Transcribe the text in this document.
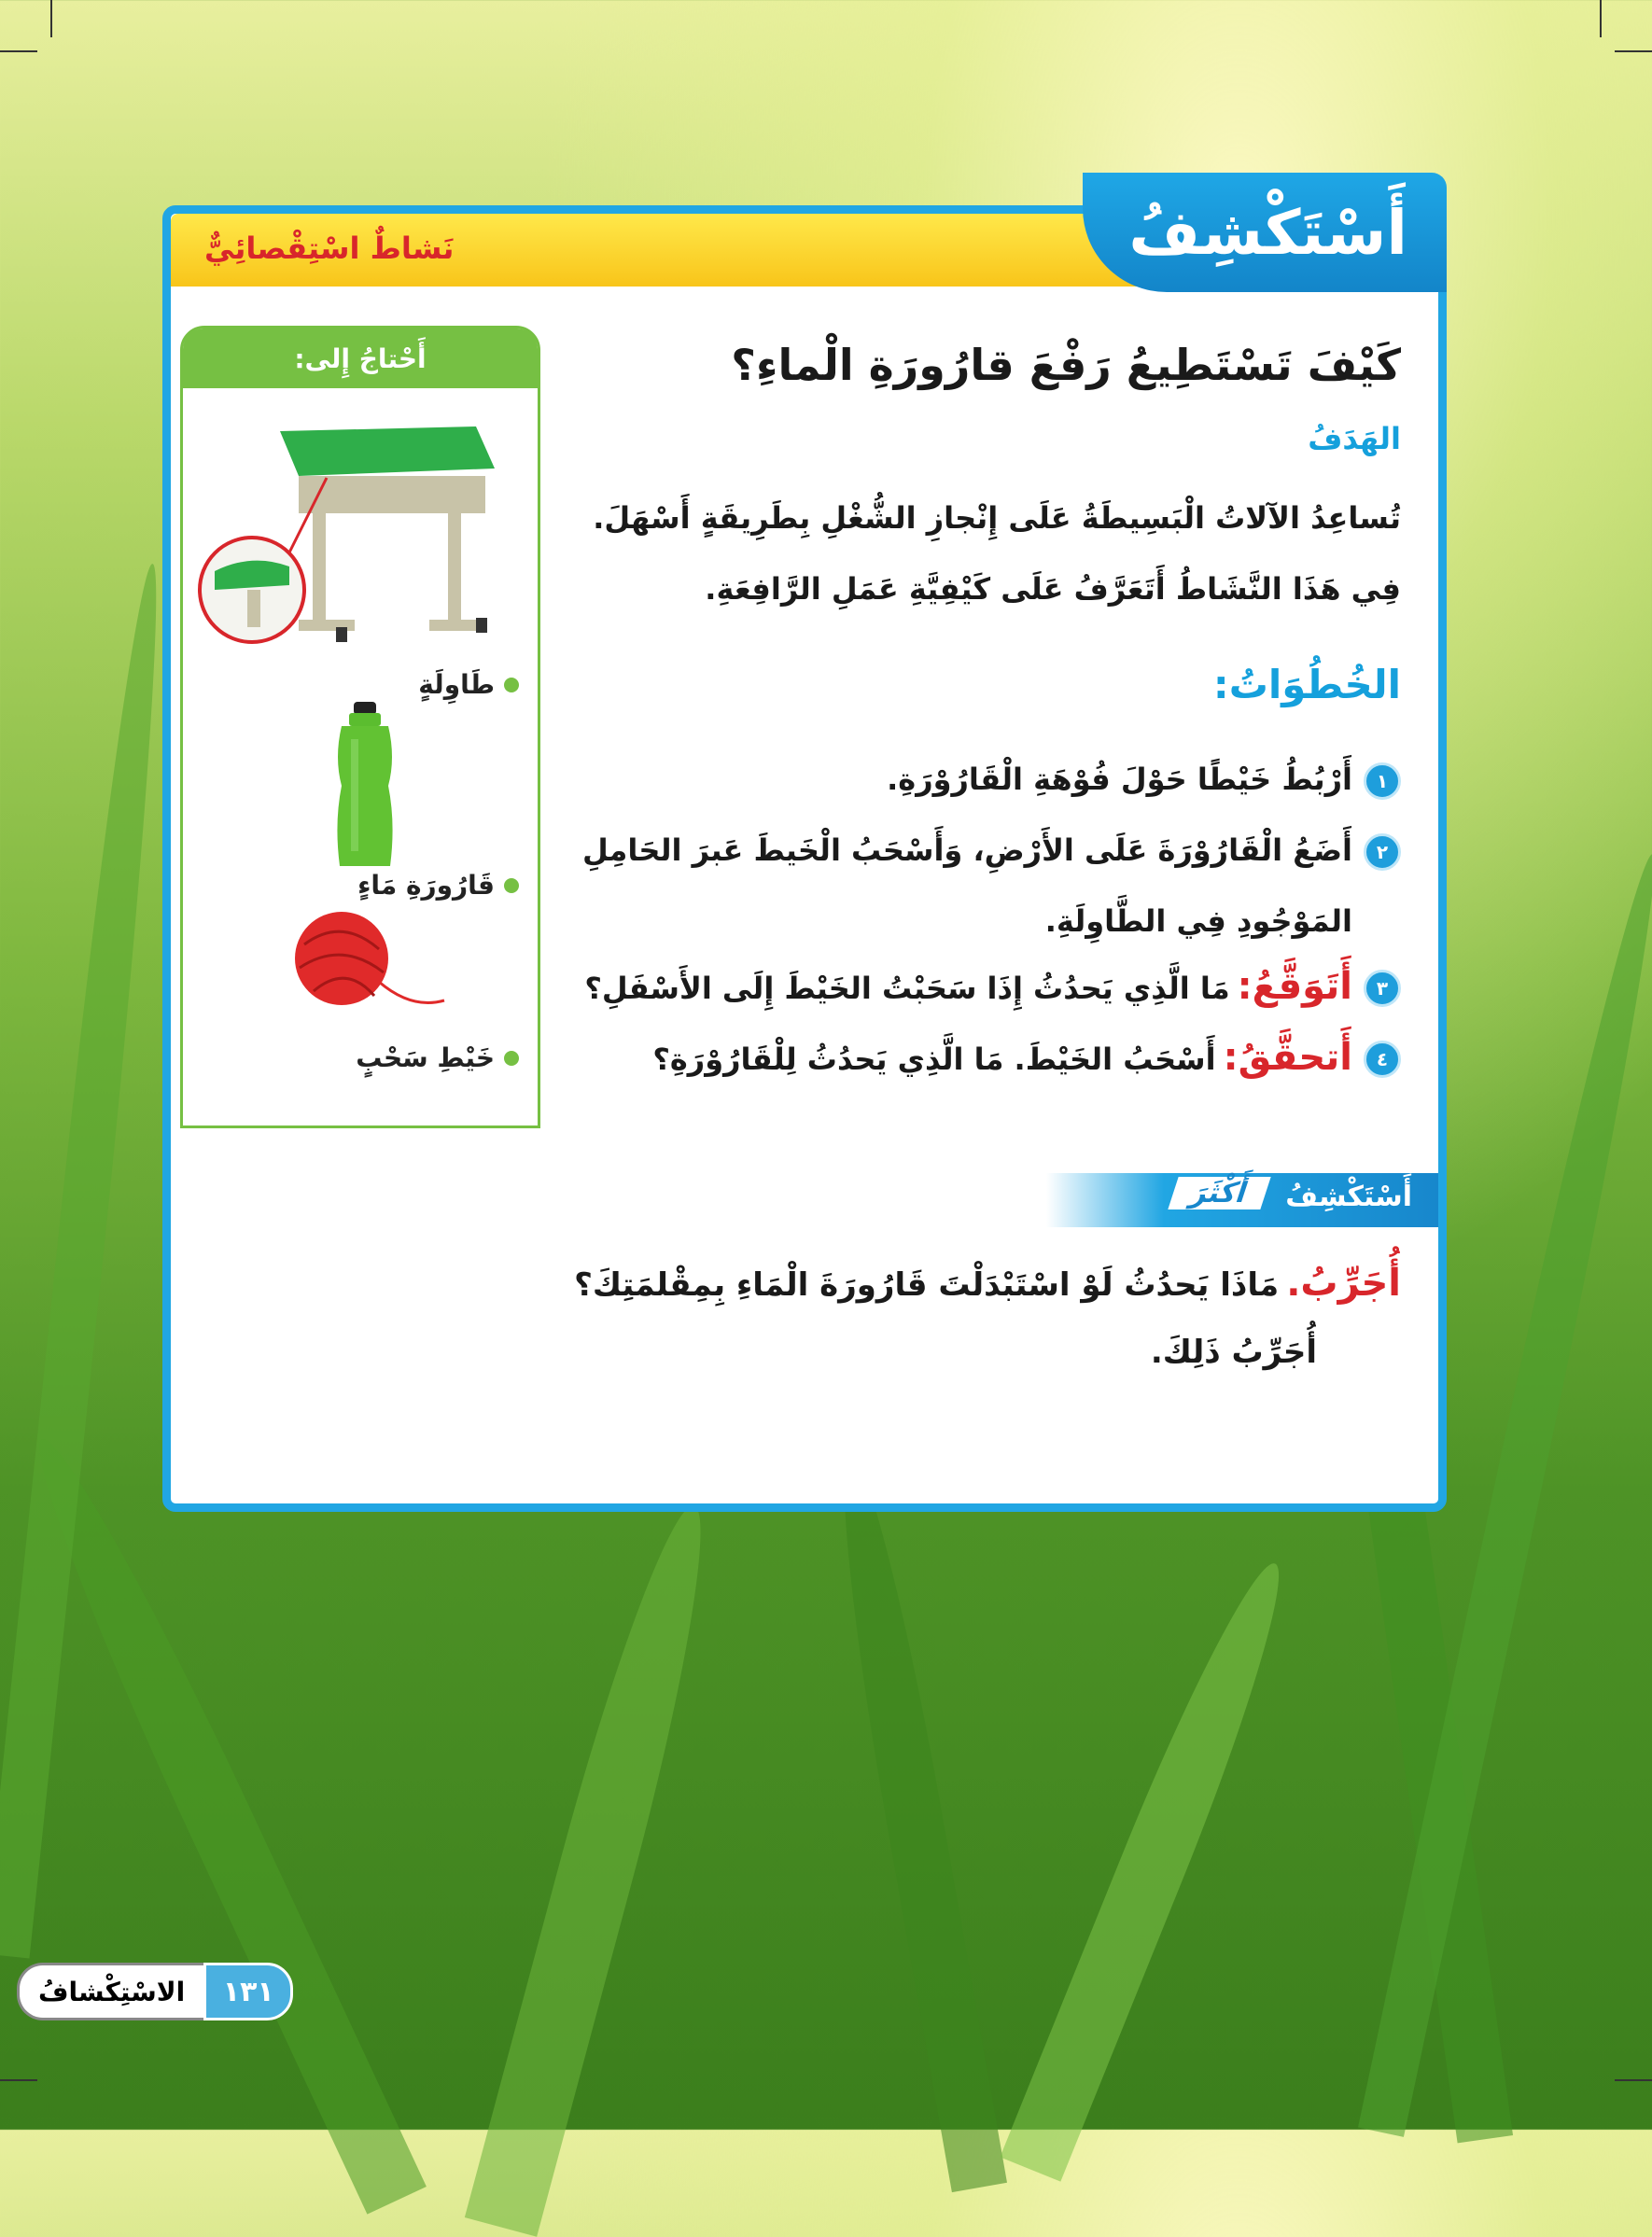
نَشاطٌ اسْتِقْصائِيٌّ	أَسْتَكْشِفُ
أَحْتاجُ إِلى:
طَاوِلَةٍ
قَارُورَةِ مَاءٍ
خَيْطِ سَحْبٍ
كَيْفَ تَسْتَطِيعُ رَفْعَ قارُورَةِ الْماءِ؟
الهَدَفُ
تُساعِدُ الآلاتُ الْبَسِيطَةُ عَلَى إِنْجازِ الشُّغْلِ بِطَرِيقَةٍ أَسْهَلَ. فِي هَذَا النَّشَاطُ أَتَعَرَّفُ عَلَى كَيْفِيَّةِ عَمَلِ الرَّافِعَةِ.
الخُطُوَاتُ:
١
أَرْبُطُ خَيْطًا حَوْلَ فُوْهَةِ الْقَارُوْرَةِ.
٢
أَضَعُ الْقَارُوْرَةَ عَلَى الأَرْضِ، وَأَسْحَبُ الْخَيطَ عَبرَ الحَامِلِ المَوْجُودِ فِي الطَّاوِلَةِ.
٣
أَتَوَقَّعُ:مَا الَّذِي يَحدُثُ إِذَا سَحَبْتُ الخَيْطَ إِلَى الأَسْفَلِ؟
٤
أَتحقَّقُ:أَسْحَبُ الخَيْطَ. مَا الَّذِي يَحدُثُ لِلْقَارُوْرَةِ؟
أَسْتَكْشِفُ
أَكْثَرَ
أُجَرِّبُ.مَاذَا يَحدُثُ لَوْ اسْتَبْدَلْتَ قَارُورَةَ الْمَاءِ بِمِقْلمَتِكَ؟
أُجَرِّبُ ذَلِكَ.
الاسْتِكْشافُ	١٣١
